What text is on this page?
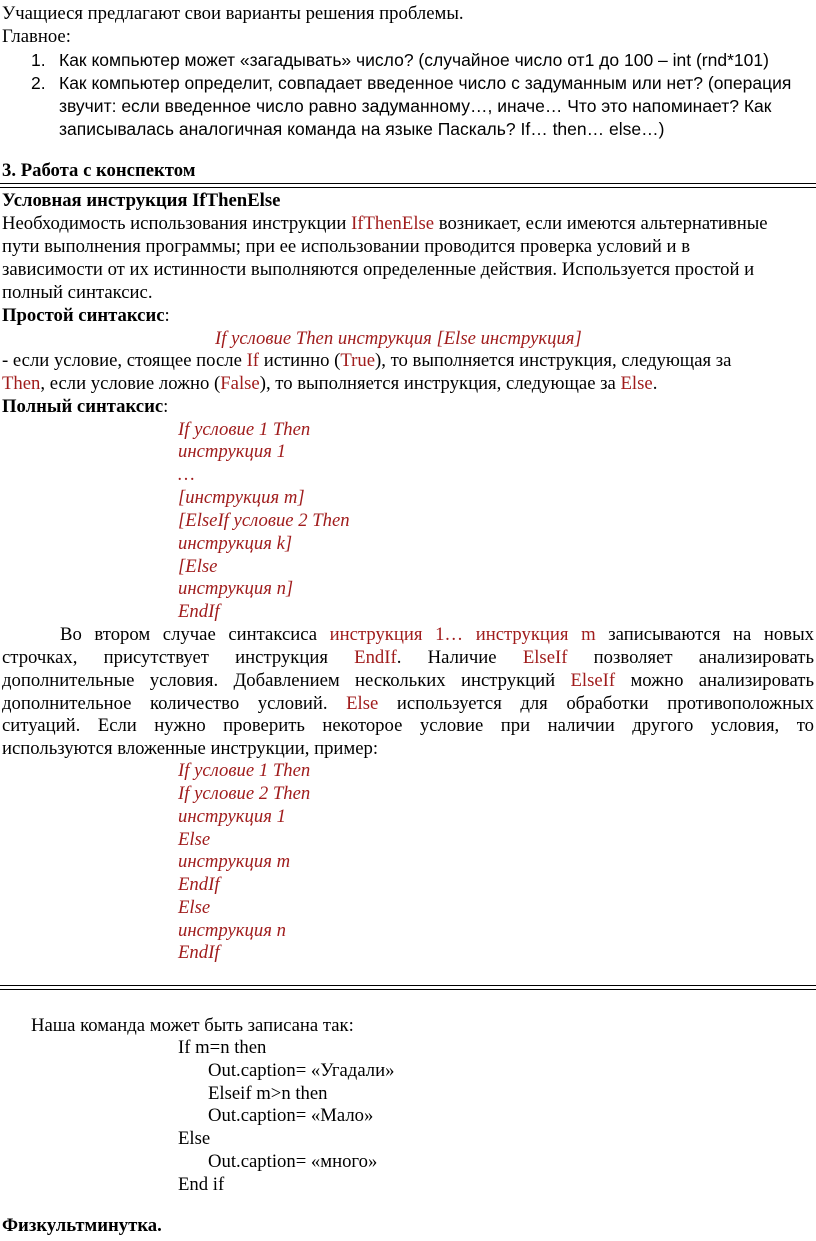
Учащиеся предлагают свои варианты решения проблемы.
Главное:
1. Как компьютер может «загадывать» число? (случайное число от1 до 100 – int (rnd*101)
2. Как компьютер определит, совпадает введенное число с задуманным или нет? (операция
звучит: если введенное число равно задуманному…, иначе… Что это напоминает? Как
записывалась аналогичная команда на языке Паскаль? If… then… else…)
3. Работа с конспектом
Условная инструкция IfThenElse
Необходимость использования инструкции IfThenElse возникает, если имеются альтернативные
пути выполнения программы; при ее использовании проводится проверка условий и в
зависимости от их истинности выполняются определенные действия. Используется простой и
полный синтаксис.
Простой синтаксис:
If условие Then инструкция [Else инструкция]
- если условие, стоящее после If истинно (True), то выполняется инструкция, следующая за
Then, если условие ложно (False), то выполняется инструкция, следующае за Else.
Полный синтаксис:
If условие 1 Then
инструкция 1
…
[инструкция m]
[ElseIf условие 2 Then
инструкция k]
[Else
инструкция n]
EndIf
Во втором случае синтаксиса инструкция 1… инструкция m записываются на новых
строчках, присутствует инструкция EndIf. Наличие ElseIf позволяет анализировать
дополнительные условия. Добавлением нескольких инструкций ElseIf можно анализировать
дополнительное количество условий. Else используется для обработки противоположных
ситуаций. Если нужно проверить некоторое условие при наличии другого условия, то
используются вложенные инструкции, пример:
If условие 1 Then
If условие 2 Then
инструкция 1
Else
инструкция m
EndIf
Else
инструкция n
EndIf
Наша команда может быть записана так:
If m=n then
Out.caption= «Угадали»
Elseif m>n then
Out.caption= «Мало»
Else
Out.caption= «много»
End if
Физкультминутка.
